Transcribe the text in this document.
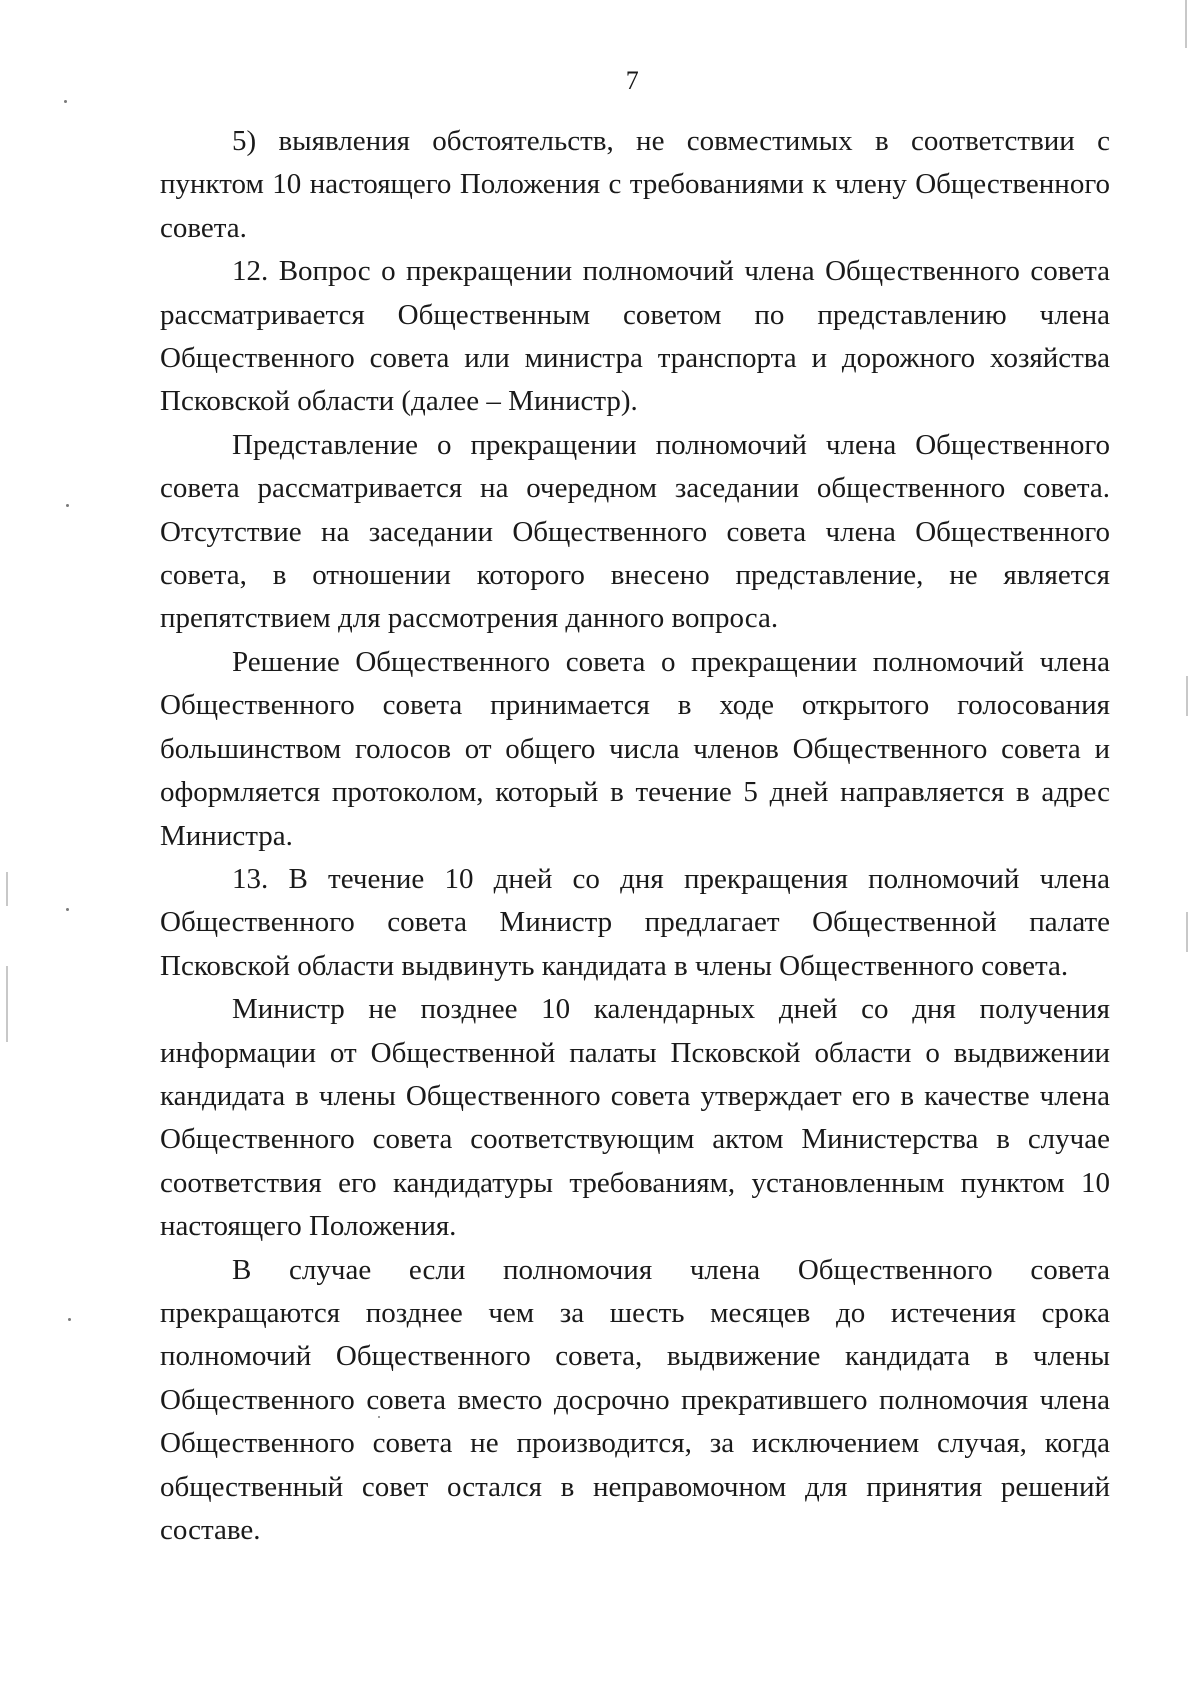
7

5) выявления обстоятельств, не совместимых в соответствии с пунктом 10 настоящего Положения с требованиями к члену Общественного совета.

12. Вопрос о прекращении полномочий члена Общественного совета рассматривается Общественным советом по представлению члена Общественного совета или министра транспорта и дорожного хозяйства Псковской области (далее – Министр).

Представление о прекращении полномочий члена Общественного совета рассматривается на очередном заседании общественного совета. Отсутствие на заседании Общественного совета члена Общественного совета, в отношении которого внесено представление, не является препятствием для рассмотрения данного вопроса.

Решение Общественного совета о прекращении полномочий члена Общественного совета принимается в ходе открытого голосования большинством голосов от общего числа членов Общественного совета и оформляется протоколом, который в течение 5 дней направляется в адрес Министра.

13. В течение 10 дней со дня прекращения полномочий члена Общественного совета Министр предлагает Общественной палате Псковской области выдвинуть кандидата в члены Общественного совета.

Министр не позднее 10 календарных дней со дня получения информации от Общественной палаты Псковской области о выдвижении кандидата в члены Общественного совета утверждает его в качестве члена Общественного совета соответствующим актом Министерства в случае соответствия его кандидатуры требованиям, установленным пунктом 10 настоящего Положения.

В случае если полномочия члена Общественного совета прекращаются позднее чем за шесть месяцев до истечения срока полномочий Общественного совета, выдвижение кандидата в члены Общественного совета вместо досрочно прекратившего полномочия члена Общественного совета не производится, за исключением случая, когда общественный совет остался в неправомочном для принятия решений составе.
